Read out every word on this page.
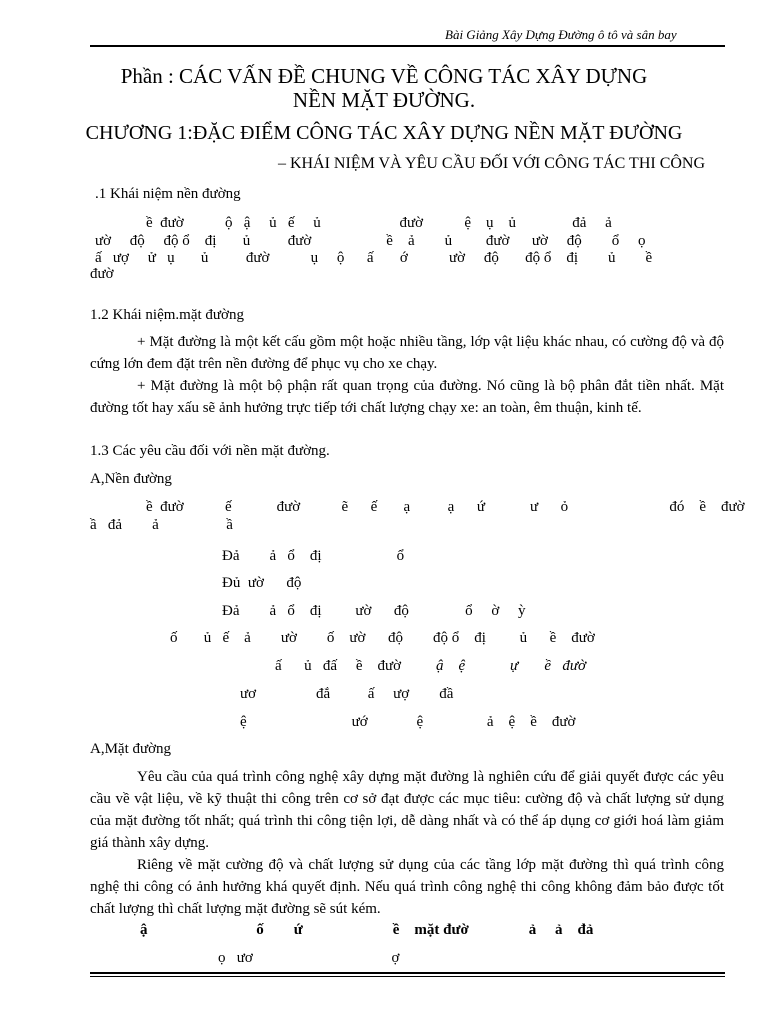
Bài Giảng Xây Dựng Đường ô tô và sân bay
Phần : CÁC VẤN ĐỀ CHUNG VỀ CÔNG TÁC XÂY DỰNG
NỀN MẶT ĐƯỜNG.
CHƯƠNG 1:ĐẶC ĐIỂM CÔNG TÁC XÂY DỰNG NỀN MẶT ĐƯỜNG
– KHÁI NIỆM VÀ YÊU CẦU ĐỐI VỚI CÔNG TÁC THI CÔNG
.1 Khái niệm nền đường
ề  đườ           ộ   ậ     ủ   ế     ủ                     đườ           ệ    ụ    ủ               đả     ả
ườ     độ     độ ổ    đị       ủ          đườ                    ề    ả        ủ         đườ      ườ     độ        ổ     ọ
ấ   ượ     ử   ụ       ủ          đườ           ụ     ộ      ấ       ớ           ườ     độ       độ ổ    đị        ủ        ề
đườ
1.2 Khái niệm.mặt đường
+ Mặt đường là một kết cấu gồm một hoặc nhiều tầng, lớp vật liệu khác nhau, có cường độ và độ cứng lớn đem đặt trên nền đường để phục vụ cho xe chạy.
+ Mặt đường là một bộ phận rất quan trọng của đường. Nó cũng là bộ phân đắt tiền nhất. Mặt đường tốt hay xấu sẽ ảnh hưởng trực tiếp tới chất lượng chạy xe: an toàn, êm thuận, kinh tế.
1.3 Các yêu cầu đối với nền mặt đường.
A,Nền đường
ề  đườ           ế            đườ           ẽ      ế       ạ          ạ      ứ            ư      ỏ                           đó    ề    đườ
ầ   đả        ả                  ầ
Đả        ả   ổ    đị                    ổ
Đủ  ườ      độ
Đả        ả   ổ    đị         ườ      độ               ổ     ờ     ỳ
ố       ủ   ế    ả        ườ        ố    ườ      độ        độ ổ    đị         ủ      ề    đườ
ấ      ủ   đấ     ề    đườ ậ    ệ	ự       ề   đườ
ươ                đắ          ấ     ượ        đầ
ệ                            ướ             ệ                 ả    ệ    ề    đườ
A,Mặt đường
Yêu cầu của quá trình công nghệ xây dựng mặt đường là nghiên cứu để giải quyết được các yêu cầu về vật liệu, về kỹ thuật thi công trên cơ sở đạt được các mục tiêu: cường độ và chất lượng sử dụng của mặt đường tốt nhất; quá trình thi công tiện lợi, dễ dàng nhất và có thể áp dụng cơ giới hoá làm giảm giá thành xây dựng.
Riêng về mặt cường độ và chất lượng sử dụng của các tầng lớp mặt đường thì quá trình công nghệ thi công có ảnh hưởng khá quyết định. Nếu quá trình công nghệ thi công không đảm bảo được tốt chất lượng thì chất lượng mặt đường sẽ sút kém.
ậ                             ố        ứ                        ề    mặt đườ                ả     ả    đả
ọ   ươ                                     ợ
